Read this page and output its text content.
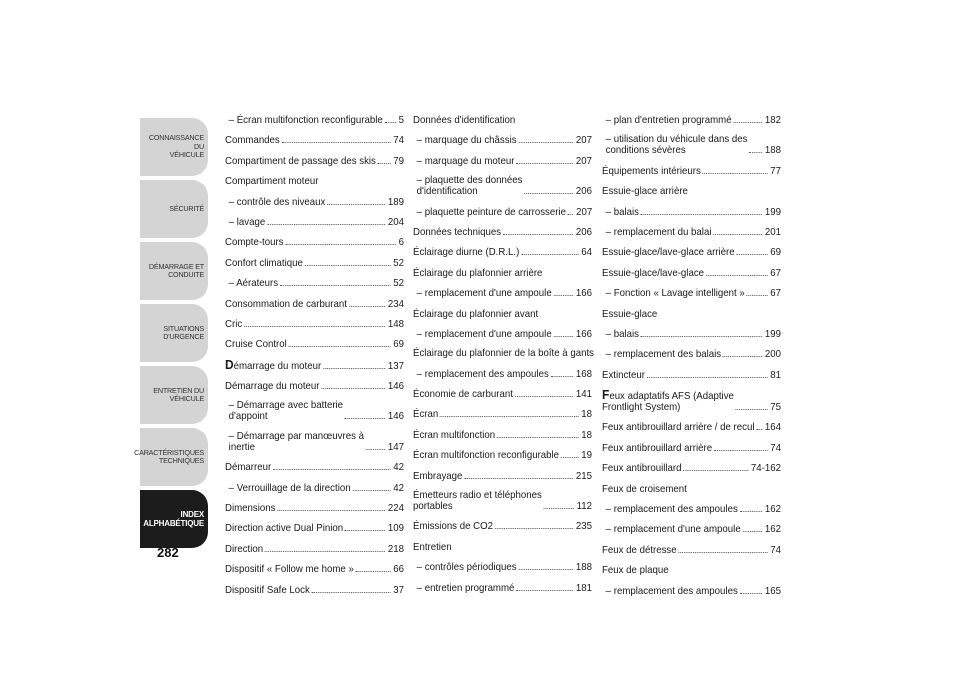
CONNAISSANCE DU
VÉHICULE
SÉCURITÉ
DÉMARRAGE ET
CONDUITE
SITUATIONS
D'URGENCE
ENTRETIEN DU
VÉHICULE
CARACTÉRISTIQUES
TECHNIQUES
INDEX
ALPHABÉTIQUE
282
– Écran multifonction reconfigurable 5
Commandes	74
Compartiment de passage des skis 79
Compartiment moteur
– contrôle des niveaux	189
– lavage	204
Compte-tours	6
Confort climatique	52
– Aérateurs	52
Consommation de carburant	234
Cric	148
Cruise Control	69
Démarrage du moteur	137
Démarrage du moteur	146
– Démarrage avec batterie
d'appoint	146
– Démarrage par manœuvres à
inertie	147
Démarreur	42
– Verrouillage de la direction	42
Dimensions	224
Direction active Dual Pinion	109
Direction	218
Dispositif « Follow me home »	66
Dispositif Safe Lock	37
Données d'identification
– marquage du châssis	207
– marquage du moteur	207
– plaquette des données
d'identification	206
– plaquette peinture de carrosserie 207
Données techniques	206
Éclairage diurne (D.R.L.)	64
Éclairage du plafonnier arrière
– remplacement d'une ampoule 166
Éclairage du plafonnier avant
– remplacement d'une ampoule 166
Éclairage du plafonnier de la boîte à gants
– remplacement des ampoules	168
Économie de carburant	141
Écran	18
Écran multifonction	18
Écran multifonction reconfigurable 19
Embrayage	215
Émetteurs radio et téléphones
portables	112
Émissions de CO2	235
Entretien
– contrôles périodiques	188
– entretien programmé	181
– plan d'entretien programmé	182
– utilisation du véhicule dans des
conditions sévères	188
Équipements intérieurs	77
Essuie-glace arrière
– balais	199
– remplacement du balai	201
Essuie-glace/lave-glace arrière	69
Essuie-glace/lave-glace	67
– Fonction « Lavage intelligent » 67
Essuie-glace
– balais	199
– remplacement des balais	200
Extincteur	81
Feux adaptatifs AFS (Adaptive
Frontlight System)	75
Feux antibrouillard arrière / de recul 164
Feux antibrouillard arrière	74
Feux antibrouillard	74-162
Feux de croisement
– remplacement des ampoules	162
– remplacement d'une ampoule 162
Feux de détresse	74
Feux de plaque
– remplacement des ampoules	165
